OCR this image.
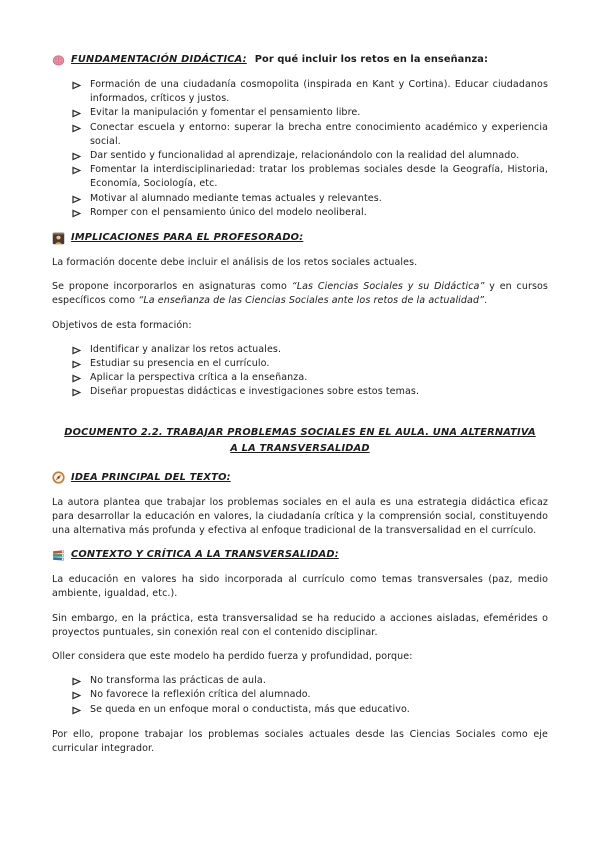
FUNDAMENTACIÓN DIDÁCTICA: Por qué incluir los retos en la enseñanza:
Formación de una ciudadanía cosmopolita (inspirada en Kant y Cortina). Educar ciudadanos informados, críticos y justos.
Evitar la manipulación y fomentar el pensamiento libre.
Conectar escuela y entorno: superar la brecha entre conocimiento académico y experiencia social.
Dar sentido y funcionalidad al aprendizaje, relacionándolo con la realidad del alumnado.
Fomentar la interdisciplinariedad: tratar los problemas sociales desde la Geografía, Historia, Economía, Sociología, etc.
Motivar al alumnado mediante temas actuales y relevantes.
Romper con el pensamiento único del modelo neoliberal.
IMPLICACIONES PARA EL PROFESORADO:

La formación docente debe incluir el análisis de los retos sociales actuales.

Se propone incorporarlos en asignaturas como “Las Ciencias Sociales y su Didáctica” y en cursos específicos como “La enseñanza de las Ciencias Sociales ante los retos de la actualidad”.

Objetivos de esta formación:

Identificar y analizar los retos actuales.
Estudiar su presencia en el currículo.
Aplicar la perspectiva crítica a la enseñanza.
Diseñar propuestas didácticas e investigaciones sobre estos temas.
DOCUMENTO 2.2. TRABAJAR PROBLEMAS SOCIALES EN EL AULA. UNA ALTERNATIVA A LA TRANSVERSALIDAD
IDEA PRINCIPAL DEL TEXTO:

La autora plantea que trabajar los problemas sociales en el aula es una estrategia didáctica eficaz para desarrollar la educación en valores, la ciudadanía crítica y la comprensión social, constituyendo una alternativa más profunda y efectiva al enfoque tradicional de la transversalidad en el currículo.

CONTEXTO Y CRÍTICA A LA TRANSVERSALIDAD:

La educación en valores ha sido incorporada al currículo como temas transversales (paz, medio ambiente, igualdad, etc.).

Sin embargo, en la práctica, esta transversalidad se ha reducido a acciones aisladas, efemérides o proyectos puntuales, sin conexión real con el contenido disciplinar.

Oller considera que este modelo ha perdido fuerza y profundidad, porque:

No transforma las prácticas de aula.
No favorece la reflexión crítica del alumnado.
Se queda en un enfoque moral o conductista, más que educativo.

Por ello, propone trabajar los problemas sociales actuales desde las Ciencias Sociales como eje curricular integrador.
